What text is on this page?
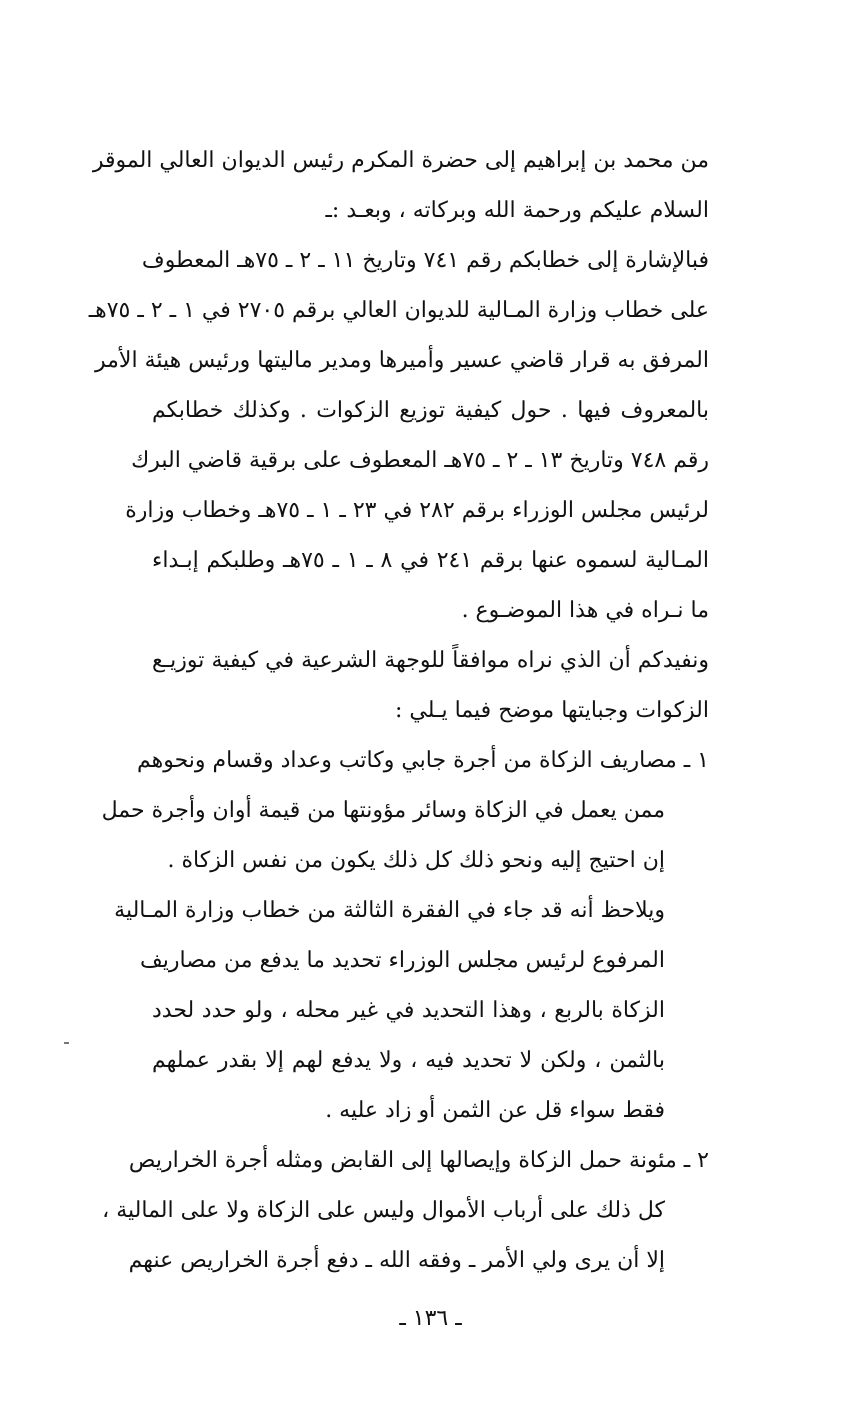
من محمد بن إبراهيم إلى حضرة المكرم رئيس الديوان العالي الموقر
السلام عليكم ورحمة الله وبركاته ، وبعـد :ـ
فبالإشارة إلى خطابكم رقم ٧٤١ وتاريخ ١١ ـ ٢ ـ ٧٥هـ المعطوف
على خطاب وزارة المـالية للديوان العالي برقم ٢٧٠٥ في ١ ـ ٢ ـ ٧٥هـ
المرفق به قرار قاضي عسير وأميرها ومدير ماليتها ورئيس هيئة الأمر
بالمعروف فيها . حول كيفية توزيع الزكوات . وكذلك خطابكم
رقم ٧٤٨ وتاريخ ١٣ ـ ٢ ـ ٧٥هـ المعطوف على برقية قاضي البرك
لرئيس مجلس الوزراء برقم ٢٨٢ في ٢٣ ـ ١ ـ ٧٥هـ وخطاب وزارة
المـالية لسموه عنها برقم ٢٤١ في ٨ ـ ١ ـ ٧٥هـ وطلبكم إبـداء
ما نـراه في هذا الموضـوع .
ونفيدكم أن الذي نراه موافقاً للوجهة الشرعية في كيفية توزيـع
الزكوات وجبايتها موضح فيما يـلي :
١ ـ مصاريف الزكاة من أجرة جابي وكاتب وعداد وقسام ونحوهم
ممن يعمل في الزكاة وسائر مؤونتها من قيمة أوان وأجرة حمل
إن احتيج إليه ونحو ذلك كل ذلك يكون من نفس الزكاة .
ويلاحظ أنه قد جاء في الفقرة الثالثة من خطاب وزارة المـالية
المرفوع لرئيس مجلس الوزراء تحديد ما يدفع من مصاريف
الزكاة بالربع ، وهذا التحديد في غير محله ، ولو حدد لحدد
بالثمن ، ولكن لا تحديد فيه ، ولا يدفع لهم إلا بقدر عملهم
فقط سواء قل عن الثمن أو زاد عليه .
٢ ـ مئونة حمل الزكاة وإيصالها إلى القابض ومثله أجرة الخراريص
كل ذلك على أرباب الأموال وليس على الزكاة ولا على المالية ،
إلا أن يرى ولي الأمر ـ وفقه الله ـ دفع أجرة الخراريص عنهم
ـ ١٣٦ ـ
